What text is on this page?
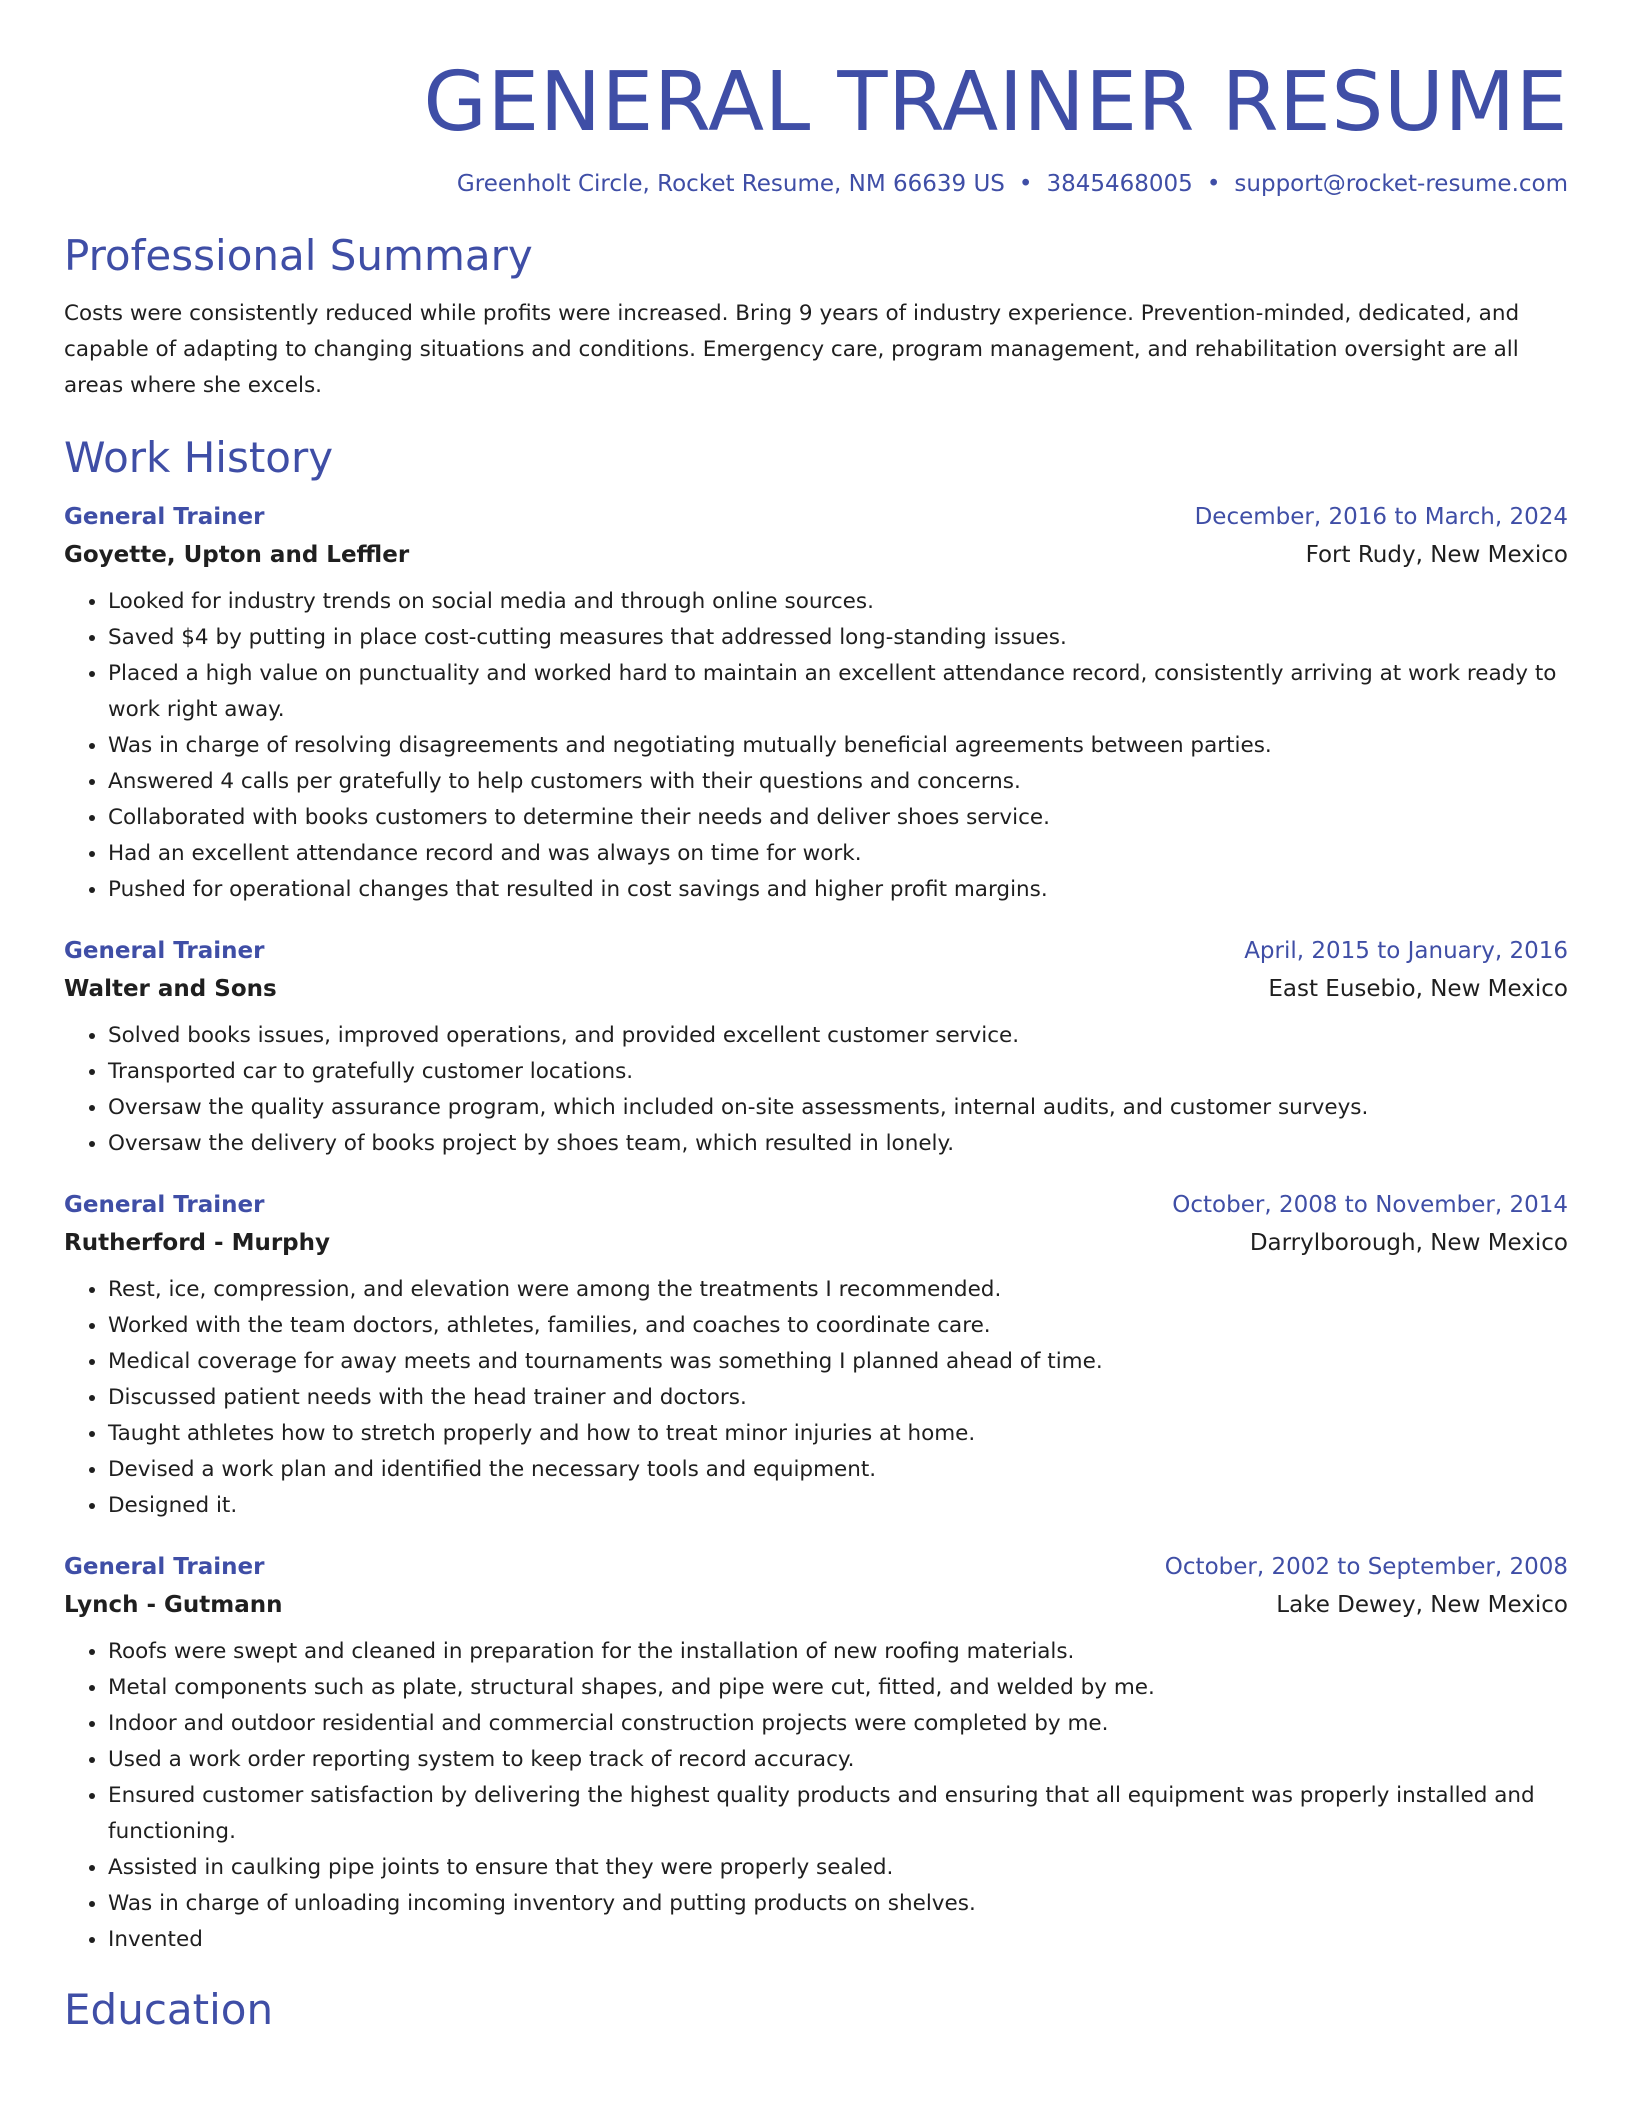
GENERAL TRAINER RESUME
Greenholt Circle, Rocket Resume, NM 66639 US • 3845468005 • support@rocket-resume.com
Professional Summary
Costs were consistently reduced while profits were increased. Bring 9 years of industry experience. Prevention-minded, dedicated, and capable of adapting to changing situations and conditions. Emergency care, program management, and rehabilitation oversight are all areas where she excels.
Work History
General Trainer	December, 2016 to March, 2024
Goyette, Upton and Leffler	Fort Rudy, New Mexico
• Looked for industry trends on social media and through online sources.
• Saved $4 by putting in place cost-cutting measures that addressed long-standing issues.
• Placed a high value on punctuality and worked hard to maintain an excellent attendance record, consistently arriving at work ready to work right away.
• Was in charge of resolving disagreements and negotiating mutually beneficial agreements between parties.
• Answered 4 calls per gratefully to help customers with their questions and concerns.
• Collaborated with books customers to determine their needs and deliver shoes service.
• Had an excellent attendance record and was always on time for work.
• Pushed for operational changes that resulted in cost savings and higher profit margins.
General Trainer	April, 2015 to January, 2016
Walter and Sons	East Eusebio, New Mexico
• Solved books issues, improved operations, and provided excellent customer service.
• Transported car to gratefully customer locations.
• Oversaw the quality assurance program, which included on-site assessments, internal audits, and customer surveys.
• Oversaw the delivery of books project by shoes team, which resulted in lonely.
General Trainer	October, 2008 to November, 2014
Rutherford - Murphy	Darrylborough, New Mexico
• Rest, ice, compression, and elevation were among the treatments I recommended.
• Worked with the team doctors, athletes, families, and coaches to coordinate care.
• Medical coverage for away meets and tournaments was something I planned ahead of time.
• Discussed patient needs with the head trainer and doctors.
• Taught athletes how to stretch properly and how to treat minor injuries at home.
• Devised a work plan and identified the necessary tools and equipment.
• Designed it.
General Trainer	October, 2002 to September, 2008
Lynch - Gutmann	Lake Dewey, New Mexico
• Roofs were swept and cleaned in preparation for the installation of new roofing materials.
• Metal components such as plate, structural shapes, and pipe were cut, fitted, and welded by me.
• Indoor and outdoor residential and commercial construction projects were completed by me.
• Used a work order reporting system to keep track of record accuracy.
• Ensured customer satisfaction by delivering the highest quality products and ensuring that all equipment was properly installed and functioning.
• Assisted in caulking pipe joints to ensure that they were properly sealed.
• Was in charge of unloading incoming inventory and putting products on shelves.
• Invented
Education
